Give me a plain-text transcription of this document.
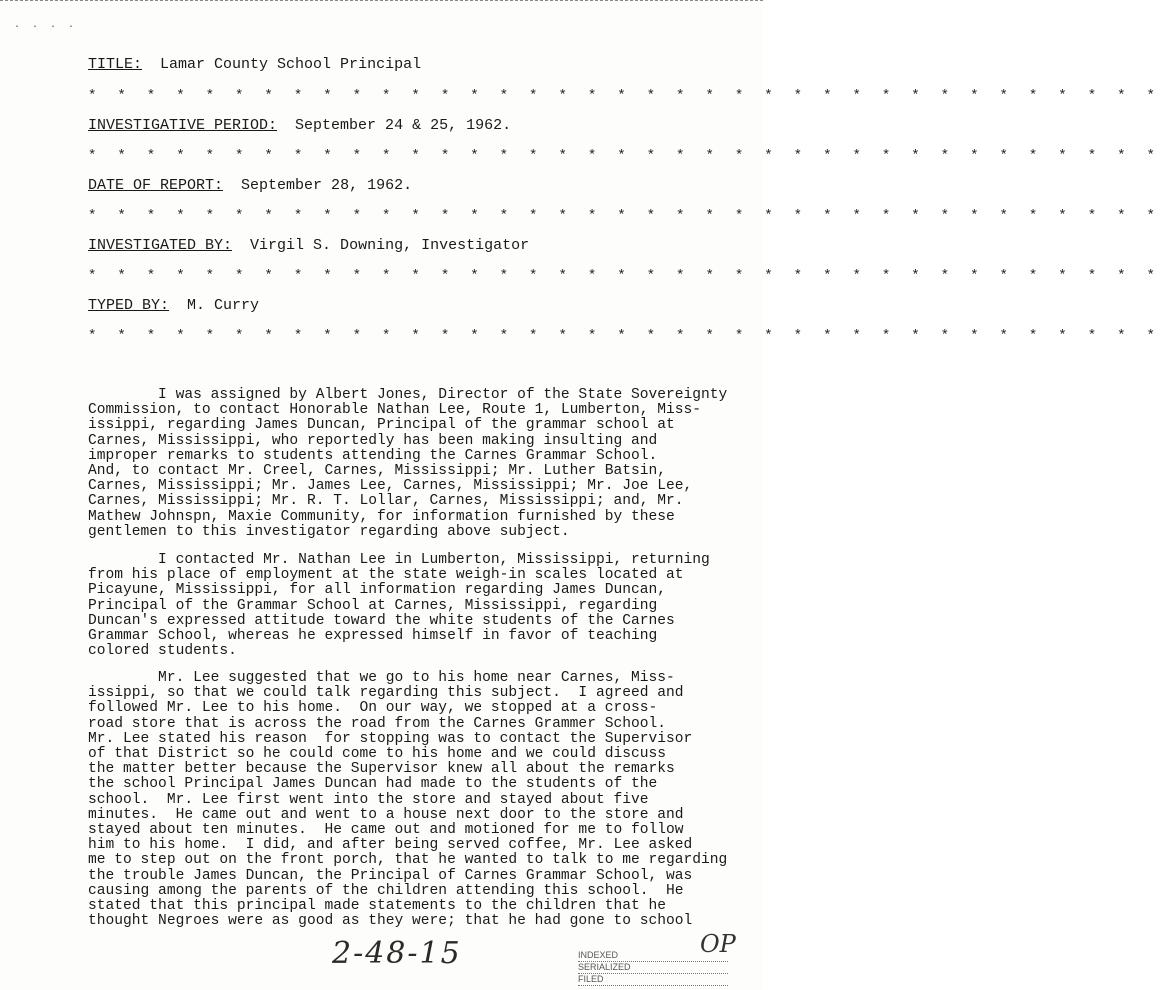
· · · ·
TITLE: Lamar County School Principal
* * * * * * * * * * * * * * * * * * * * * * * * * * * * * * * * * * * * *
INVESTIGATIVE PERIOD: September 24 & 25, 1962.
* * * * * * * * * * * * * * * * * * * * * * * * * * * * * * * * * * * * *
DATE OF REPORT: September 28, 1962.
* * * * * * * * * * * * * * * * * * * * * * * * * * * * * * * * * * * * *
INVESTIGATED BY: Virgil S. Downing, Investigator
* * * * * * * * * * * * * * * * * * * * * * * * * * * * * * * * * * * * *
TYPED BY: M. Curry
* * * * * * * * * * * * * * * * * * * * * * * * * * * * * * * * * * * * *
I was assigned by Albert Jones, Director of the State Sovereignty
Commission, to contact Honorable Nathan Lee, Route 1, Lumberton, Miss-
issippi, regarding James Duncan, Principal of the grammar school at
Carnes, Mississippi, who reportedly has been making insulting and
improper remarks to students attending the Carnes Grammar School.
And, to contact Mr. Creel, Carnes, Mississippi; Mr. Luther Batsin,
Carnes, Mississippi; Mr. James Lee, Carnes, Mississippi; Mr. Joe Lee,
Carnes, Mississippi; Mr. R. T. Lollar, Carnes, Mississippi; and, Mr.
Mathew Johnspn, Maxie Community, for information furnished by these
gentlemen to this investigator regarding above subject.
I contacted Mr. Nathan Lee in Lumberton, Mississippi, returning
from his place of employment at the state weigh-in scales located at
Picayune, Mississippi, for all information regarding James Duncan,
Principal of the Grammar School at Carnes, Mississippi, regarding
Duncan's expressed attitude toward the white students of the Carnes
Grammar School, whereas he expressed himself in favor of teaching
colored students.
Mr. Lee suggested that we go to his home near Carnes, Miss-
issippi, so that we could talk regarding this subject.  I agreed and
followed Mr. Lee to his home.  On our way, we stopped at a cross-
road store that is across the road from the Carnes Grammer School.
Mr. Lee stated his reason  for stopping was to contact the Supervisor
of that District so he could come to his home and we could discuss
the matter better because the Supervisor knew all about the remarks
the school Principal James Duncan had made to the students of the
school.  Mr. Lee first went into the store and stayed about five
minutes.  He came out and went to a house next door to the store and
stayed about ten minutes.  He came out and motioned for me to follow
him to his home.  I did, and after being served coffee, Mr. Lee asked
me to step out on the front porch, that he wanted to talk to me regarding
the trouble James Duncan, the Principal of Carnes Grammar School, was
causing among the parents of the children attending this school.  He
stated that this principal made statements to the children that he
thought Negroes were as good as they were; that he had gone to school
2-48-15	OP
INDEXED
SERIALIZED
FILED
